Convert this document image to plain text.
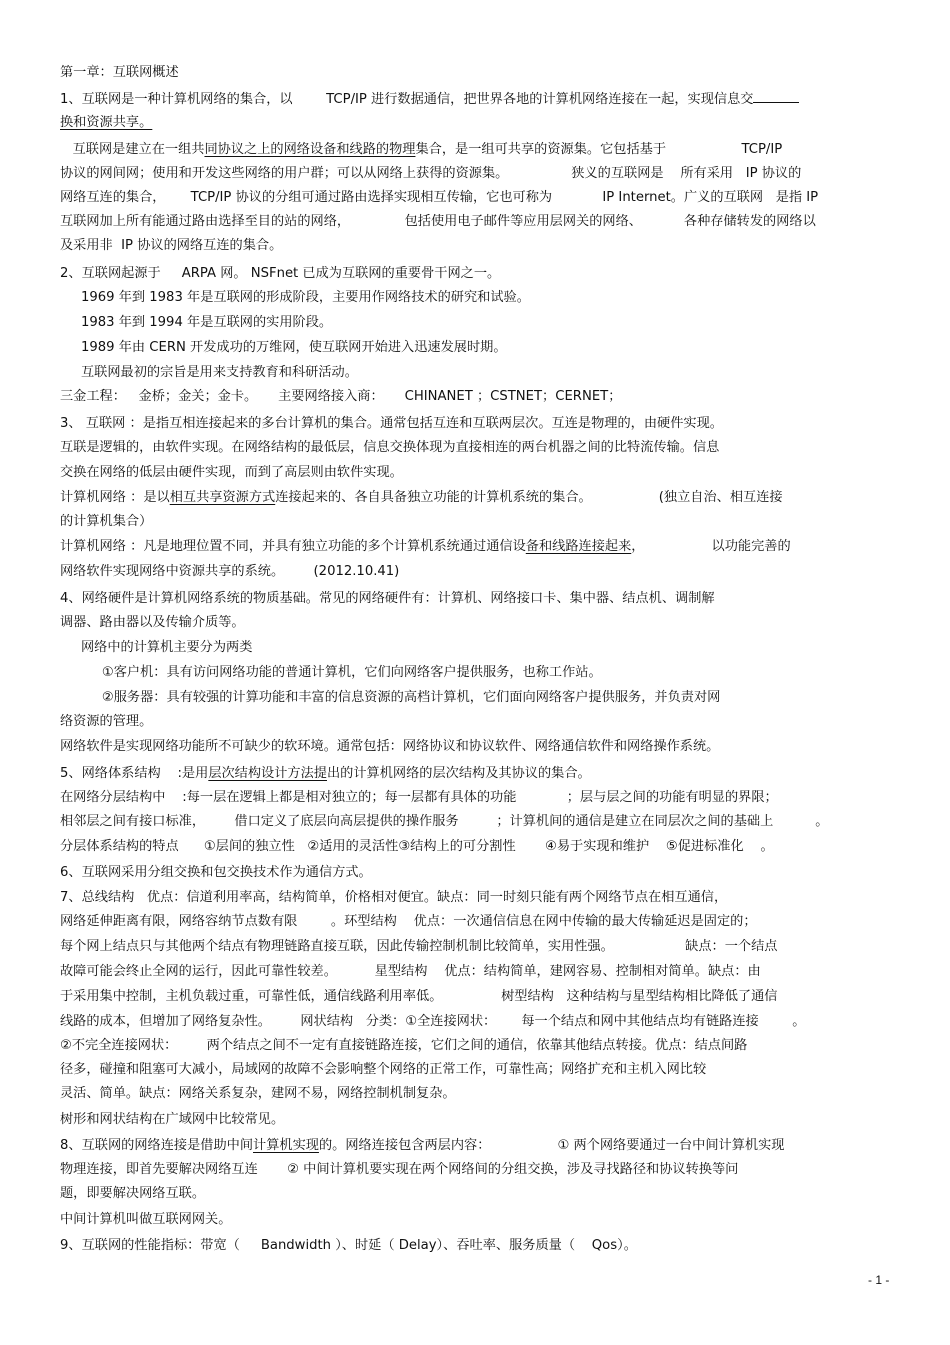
第一章：互联网概述
1、互联网是一种计算机网络的集合，以        TCP/IP 进行数据通信，把世界各地的计算机网络连接在一起，实现信息交
换和资源共享。
互联网是建立在一组共同协议之上的网络设备和线路的物理集合，是一组可共享的资源集。它包括基于	TCP/IP
协议的网间网；使用和开发这些网络的用户群；可以从网络上获得的资源集。	狭义的互联网是 所有采用   IP 协议的
网络互连的集合， TCP/IP 协议的分组可通过路由选择实现相互传输，它也可称为	IP Internet。广义的互联网   是指 IP
互联网加上所有能通过路由选择至目的站的网络，	包括使用电子邮件等应用层网关的网络、	各种存储转发的网络以
及采用非  IP 协议的网络互连的集合。
2、互联网起源于     ARPA 网。 NSFnet 已成为互联网的重要骨干网之一。
1969 年到 1983 年是互联网的形成阶段，主要用作网络技术的研究和试验。
1983 年到 1994 年是互联网的实用阶段。
1989 年由 CERN 开发成功的万维网，使互联网开始进入迅速发展时期。
互联网最初的宗旨是用来支持教育和科研活动。
三金工程： 金桥；金关；金卡。 主要网络接入商： CHINANET ；CSTNET；CERNET；
3、 互联网 ：是指互相连接起来的多台计算机的集合。通常包括互连和互联两层次。互连是物理的，由硬件实现。
互联是逻辑的，由软件实现。在网络结构的最低层，信息交换体现为直接相连的两台机器之间的比特流传输。信息
交换在网络的低层由硬件实现，而到了高层则由软件实现。
计算机网络 ：是以相互共享资源方式连接起来的、各自具备独立功能的计算机系统的集合。	(独立自治、相互连接
的计算机集合）
计算机网络 ：凡是地理位置不同，并具有独立功能的多个计算机系统通过通信设备和线路连接起来，	以功能完善的
网络软件实现网络中资源共享的系统。 (2012.10.41)
4、网络硬件是计算机网络系统的物质基础。常见的网络硬件有：计算机、网络接口卡、集中器、结点机、调制解
调器、路由器以及传输介质等。
网络中的计算机主要分为两类
①客户机：具有访问网络功能的普通计算机，它们向网络客户提供服务，也称工作站。
②服务器：具有较强的计算功能和丰富的信息资源的高档计算机，它们面向网络客户提供服务，并负责对网
络资源的管理。
网络软件是实现网络功能所不可缺少的软环境。通常包括：网络协议和协议软件、网络通信软件和网络操作系统。
5、网络体系结构    :是用层次结构设计方法提出的计算机网络的层次结构及其协议的集合。
在网络分层结构中    :每一层在逻辑上都是相对独立的；每一层都有具体的功能	；层与层之间的功能有明显的界限；
相邻层之间有接口标准， 借口定义了底层向高层提供的操作服务	；计算机间的通信是建立在同层次之间的基础上	。
分层体系结构的特点      ①层间的独立性   ②适用的灵活性③结构上的可分割性       ④易于实现和维护    ⑤促进标准化    。
6、互联网采用分组交换和包交换技术作为通信方式。
7、总线结构   优点：信道利用率高，结构简单，价格相对便宜。缺点：同一时刻只能有两个网络节点在相互通信，
网络延伸距离有限，网络容纳节点数有限        。环型结构    优点：一次通信信息在网中传输的最大传输延迟是固定的；
每个网上结点只与其他两个结点有物理链路直接互联，因此传输控制机制比较简单，实用性强。	缺点：一个结点
故障可能会终止全网的运行，因此可靠性较差。	星型结构    优点：结构简单，建网容易、控制相对简单。缺点：由
于采用集中控制，主机负载过重，可靠性低，通信线路利用率低。	树型结构   这种结构与星型结构相比降低了通信
线路的成本，但增加了网络复杂性。 网状结构   分类：①全连接网状： 每一个结点和网中其他结点均有链路连接        。
②不完全连接网状： 两个结点之间不一定有直接链路连接，它们之间的通信，依靠其他结点转接。优点：结点间路
径多，碰撞和阻塞可大减小，局域网的故障不会影响整个网络的正常工作，可靠性高；网络扩充和主机入网比较
灵活、简单。缺点：网络关系复杂，建网不易，网络控制机制复杂。
树形和网状结构在广域网中比较常见。
8、互联网的网络连接是借助中间计算机实现的。网络连接包含两层内容：	① 两个网络要通过一台中间计算机实现
物理连接，即首先要解决网络互连       ② 中间计算机要实现在两个网络间的分组交换，涉及寻找路径和协议转换等问
题，即要解决网络互联。
中间计算机叫做互联网网关。
9、互联网的性能指标：带宽（     Bandwidth ）、时延（ Delay）、吞吐率、服务质量（    Qos）。
- 1 -
